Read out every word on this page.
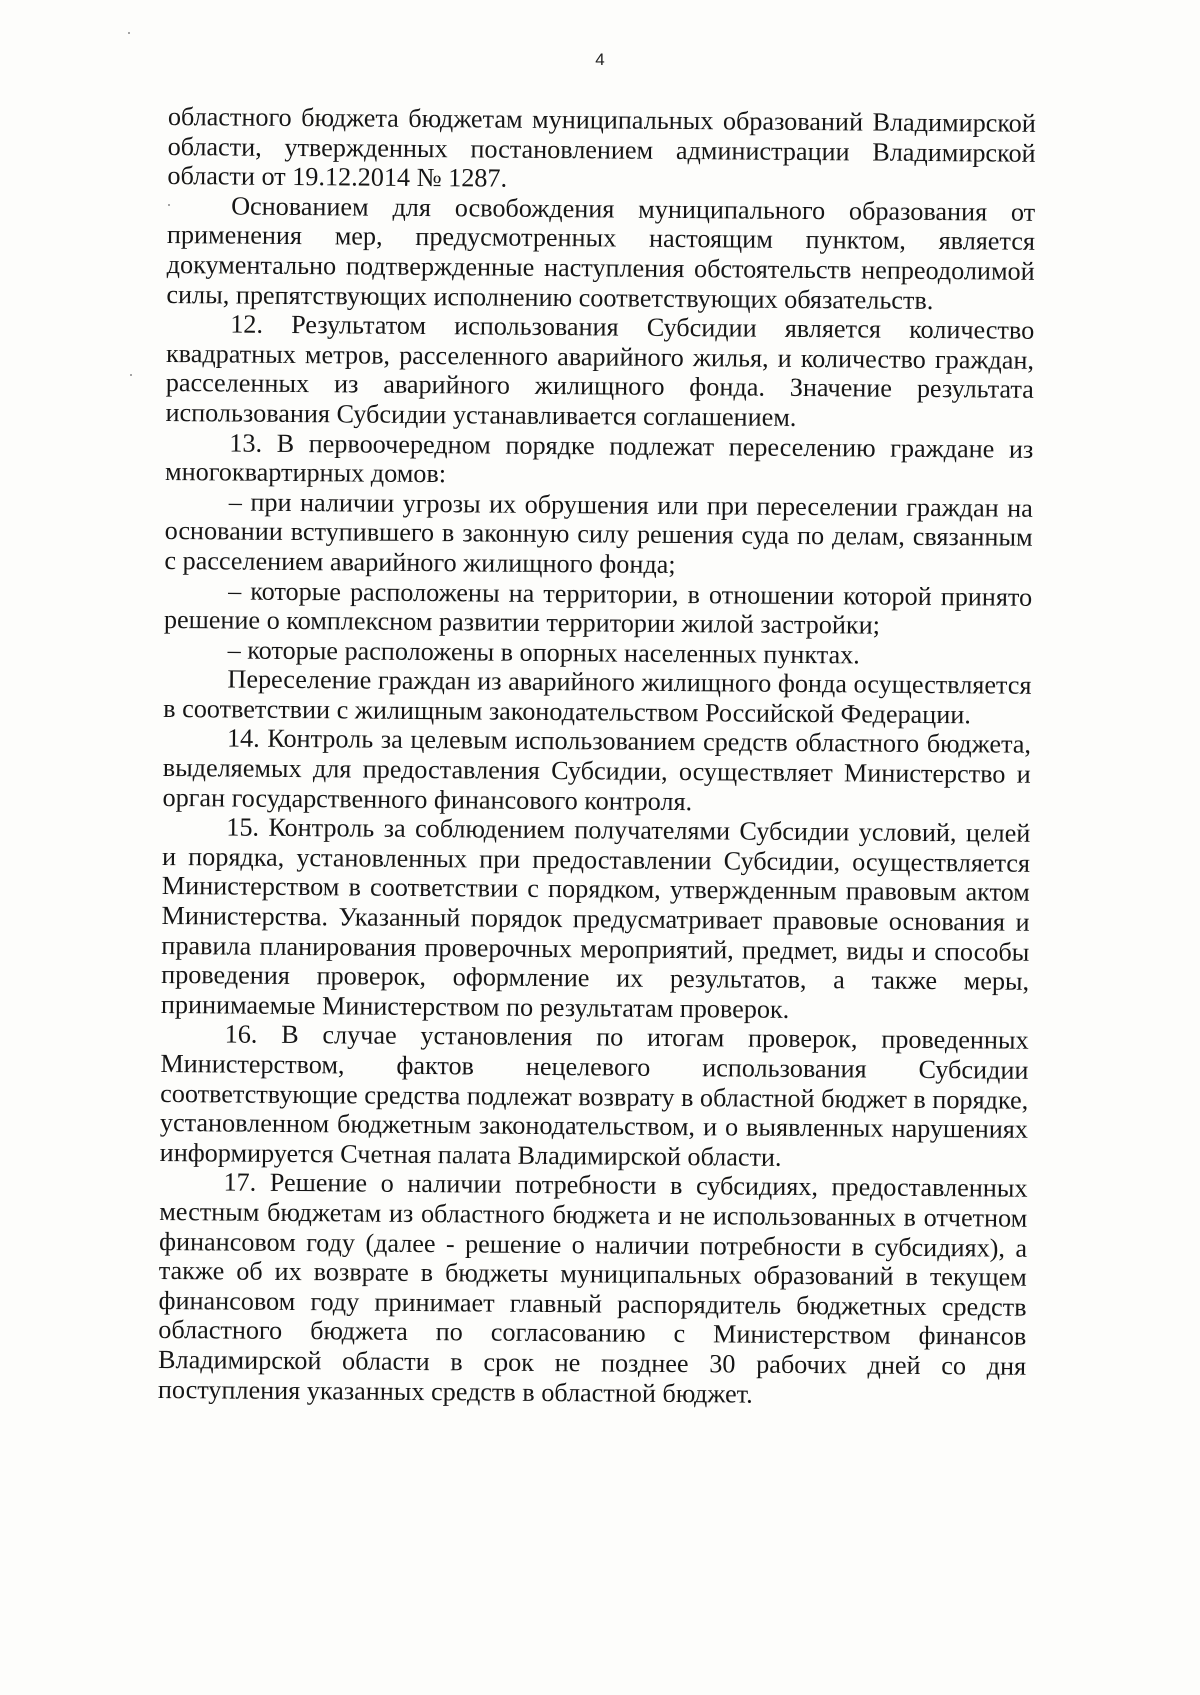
4

областного бюджета бюджетам муниципальных образований Владимирской области, утвержденных постановлением администрации Владимирской области от 19.12.2014 № 1287.

Основанием для освобождения муниципального образования от применения мер, предусмотренных настоящим пунктом, является документально подтвержденные наступления обстоятельств непреодолимой силы, препятствующих исполнению соответствующих обязательств.

12. Результатом использования Субсидии является количество квадратных метров, расселенного аварийного жилья, и количество граждан, расселенных из аварийного жилищного фонда. Значение результата использования Субсидии устанавливается соглашением.

13. В первоочередном порядке подлежат переселению граждане из многоквартирных домов:

– при наличии угрозы их обрушения или при переселении граждан на основании вступившего в законную силу решения суда по делам, связанным с расселением аварийного жилищного фонда;

– которые расположены на территории, в отношении которой принято решение о комплексном развитии территории жилой застройки;

– которые расположены в опорных населенных пунктах.

Переселение граждан из аварийного жилищного фонда осуществляется в соответствии с жилищным законодательством Российской Федерации.

14. Контроль за целевым использованием средств областного бюджета, выделяемых для предоставления Субсидии, осуществляет Министерство и орган государственного финансового контроля.

15. Контроль за соблюдением получателями Субсидии условий, целей и порядка, установленных при предоставлении Субсидии, осуществляется Министерством в соответствии с порядком, утвержденным правовым актом Министерства. Указанный порядок предусматривает правовые основания и правила планирования проверочных мероприятий, предмет, виды и способы проведения проверок, оформление их результатов, а также меры, принимаемые Министерством по результатам проверок.

16. В случае установления по итогам проверок, проведенных Министерством, фактов нецелевого использования Субсидии соответствующие средства подлежат возврату в областной бюджет в порядке, установленном бюджетным законодательством, и о выявленных нарушениях информируется Счетная палата Владимирской области.

17. Решение о наличии потребности в субсидиях, предоставленных местным бюджетам из областного бюджета и не использованных в отчетном финансовом году (далее - решение о наличии потребности в субсидиях), а также об их возврате в бюджеты муниципальных образований в текущем финансовом году принимает главный распорядитель бюджетных средств областного бюджета по согласованию с Министерством финансов Владимирской области в срок не позднее 30 рабочих дней со дня поступления указанных средств в областной бюджет.
